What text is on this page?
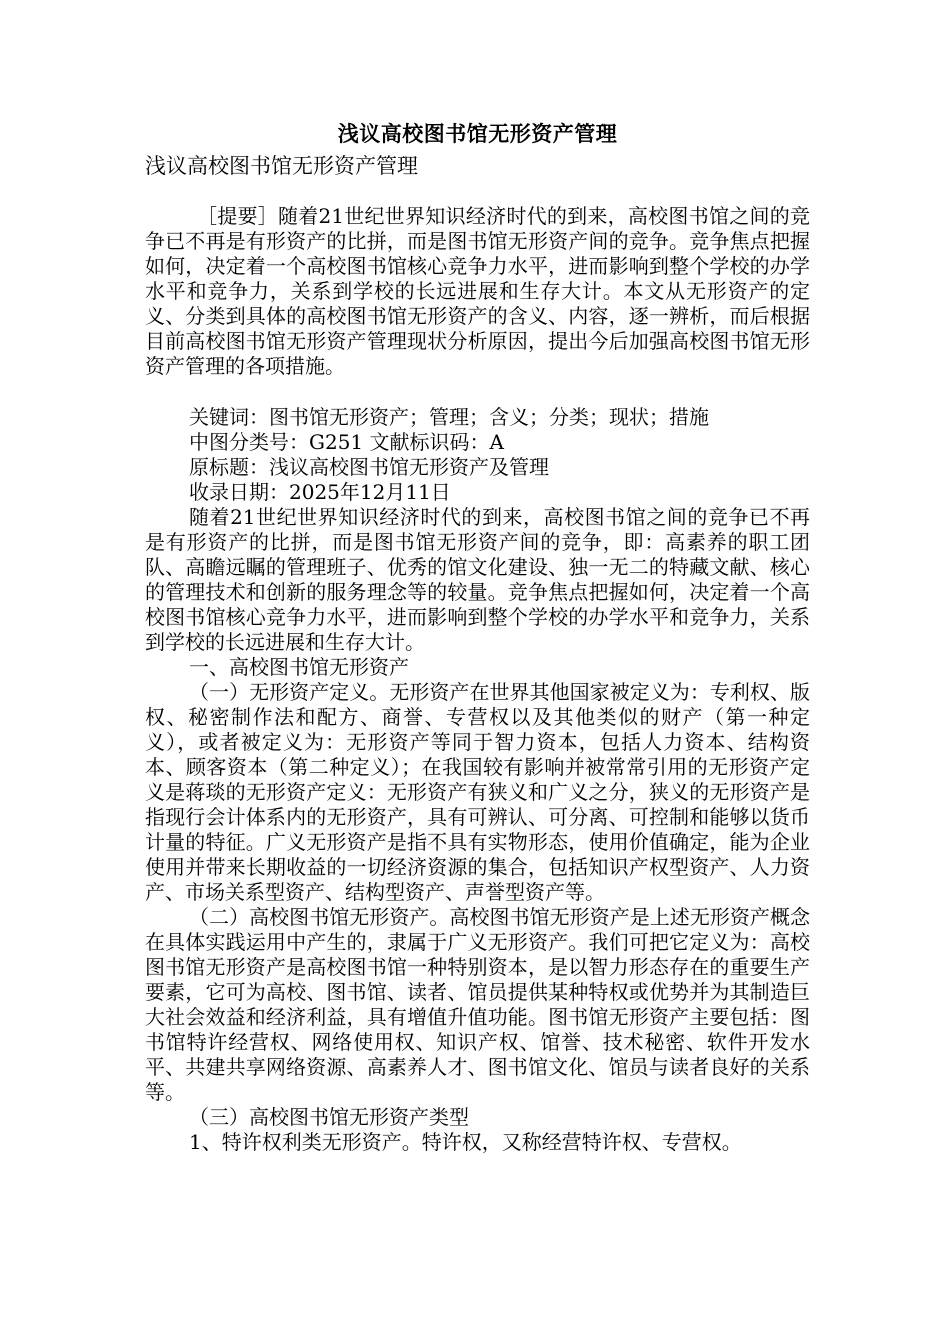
浅议高校图书馆无形资产管理

浅议高校图书馆无形资产管理

［提要］随着21世纪世界知识经济时代的到来，高校图书馆之间的竞争已不再是有形资产的比拼，而是图书馆无形资产间的竞争。竞争焦点把握如何，决定着一个高校图书馆核心竞争力水平，进而影响到整个学校的办学水平和竞争力，关系到学校的长远进展和生存大计。本文从无形资产的定义、分类到具体的高校图书馆无形资产的含义、内容，逐一辨析，而后根据目前高校图书馆无形资产管理现状分析原因，提出今后加强高校图书馆无形资产管理的各项措施。

关键词：图书馆无形资产；管理；含义；分类；现状；措施

中图分类号：G251 文献标识码：A

原标题：浅议高校图书馆无形资产及管理

收录日期：2025年12月11日

随着21世纪世界知识经济时代的到来，高校图书馆之间的竞争已不再是有形资产的比拼，而是图书馆无形资产间的竞争，即：高素养的职工团队、高瞻远瞩的管理班子、优秀的馆文化建设、独一无二的特藏文献、核心的管理技术和创新的服务理念等的较量。竞争焦点把握如何，决定着一个高校图书馆核心竞争力水平，进而影响到整个学校的办学水平和竞争力，关系到学校的长远进展和生存大计。

一、高校图书馆无形资产

（一）无形资产定义。无形资产在世界其他国家被定义为：专利权、版权、秘密制作法和配方、商誉、专营权以及其他类似的财产（第一种定义），或者被定义为：无形资产等同于智力资本，包括人力资本、结构资本、顾客资本（第二种定义）；在我国较有影响并被常常引用的无形资产定义是蒋琰的无形资产定义：无形资产有狭义和广义之分，狭义的无形资产是指现行会计体系内的无形资产，具有可辨认、可分离、可控制和能够以货币计量的特征。广义无形资产是指不具有实物形态，使用价值确定，能为企业使用并带来长期收益的一切经济资源的集合，包括知识产权型资产、人力资产、市场关系型资产、结构型资产、声誉型资产等。

（二）高校图书馆无形资产。高校图书馆无形资产是上述无形资产概念在具体实践运用中产生的，隶属于广义无形资产。我们可把它定义为：高校图书馆无形资产是高校图书馆一种特别资本，是以智力形态存在的重要生产要素，它可为高校、图书馆、读者、馆员提供某种特权或优势并为其制造巨大社会效益和经济利益，具有增值升值功能。图书馆无形资产主要包括：图书馆特许经营权、网络使用权、知识产权、馆誉、技术秘密、软件开发水平、共建共享网络资源、高素养人才、图书馆文化、馆员与读者良好的关系等。

（三）高校图书馆无形资产类型

1、特许权利类无形资产。特许权，又称经营特许权、专营权。
